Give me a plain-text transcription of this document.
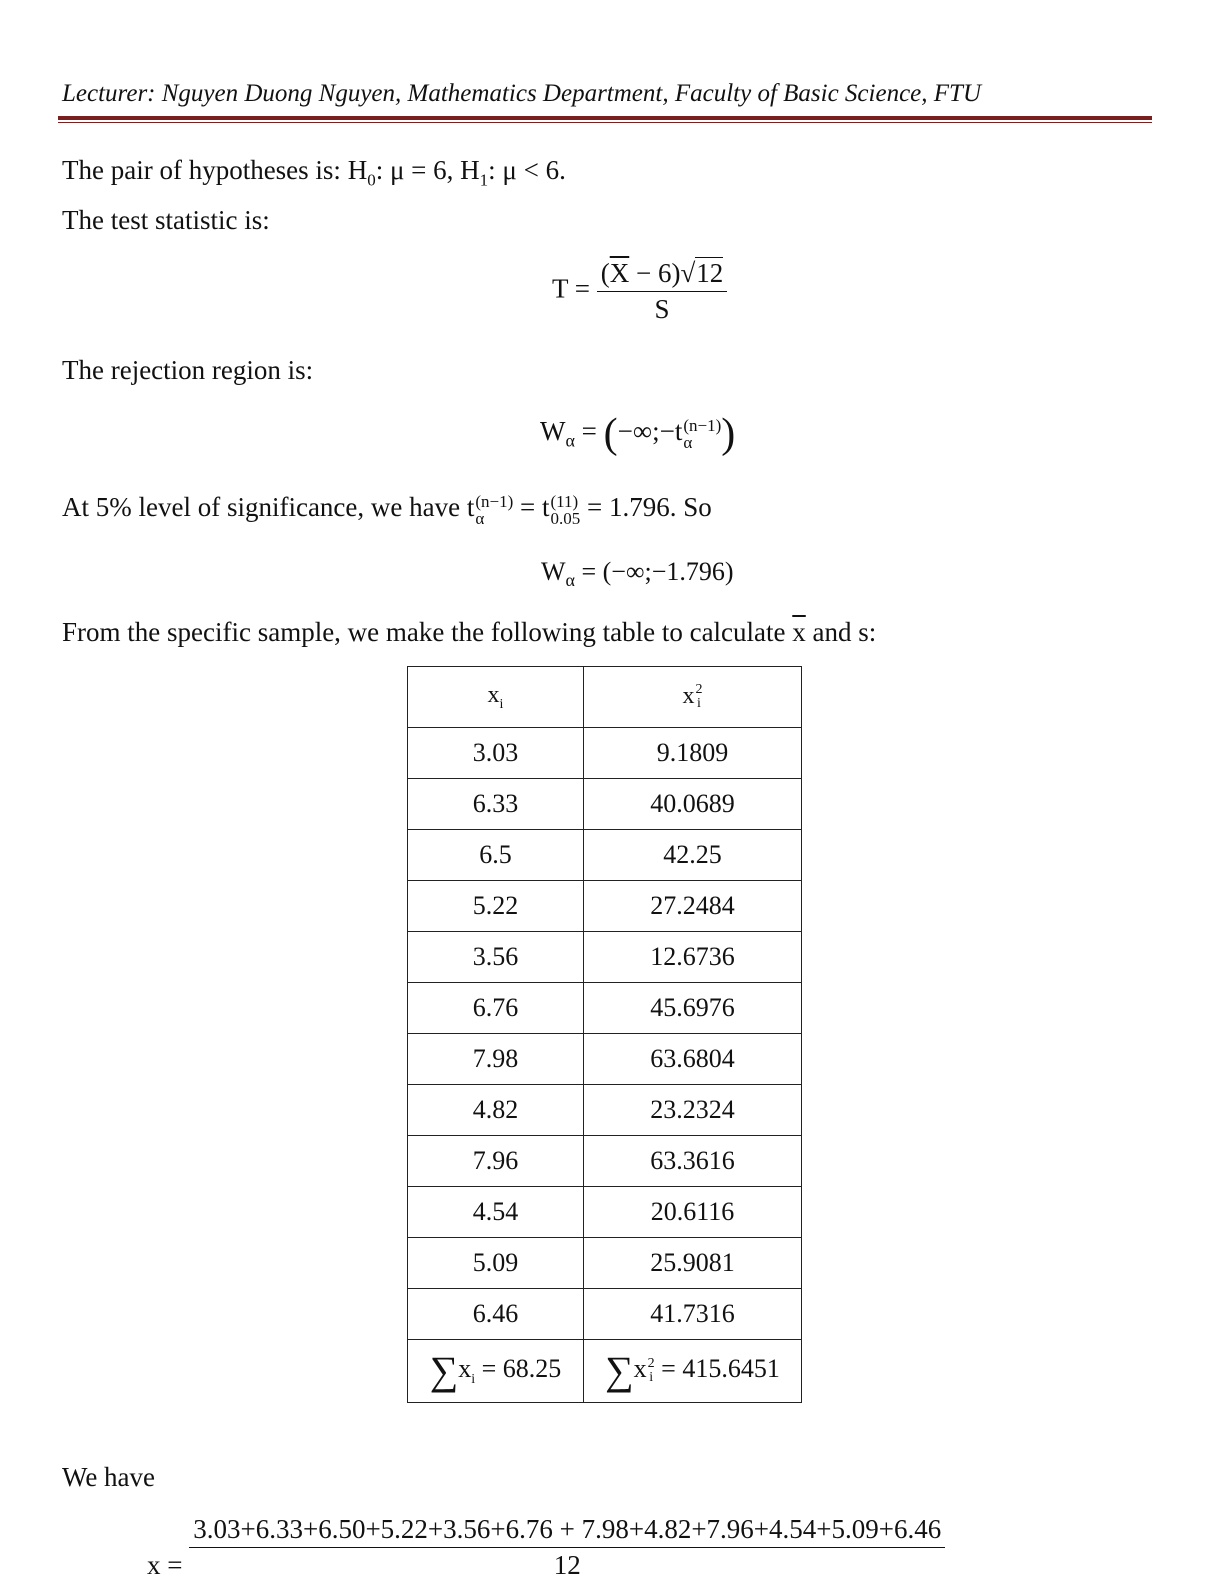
Lecturer: Nguyen Duong Nguyen, Mathematics Department, Faculty of Basic Science, FTU
The pair of hypotheses is: $H_0$: μ = 6, $H_1$: μ < 6.
The test statistic is:
$T = \frac{(\overline{X} - 6)√12}{S}$
The rejection region is:
$W_\alpha$ = (−∞;−t (n−1)
α )
At 5% level of significance, we have t (n−1)
α	= t (11)
0.05 = 1.796. So
$W_\alpha$ = (−∞;−1.796)
From the specific sample, we make the following table to calculate $\overline{x}$ and s:
$x_i$	x 2
i

3.03	9.1809
6.33	40.0689
6.5	42.25
5.22	27.2484
3.56	12.6736
6.76	45.6976
7.98	63.6804
4.82	23.2324
7.96	63.3616
4.54	20.6116
5.09	25.9081
6.46	41.7316
$\sum x_i = 68.25$	∑x 2
i = 415.6451
We have
x =
3.03+6.33+6.50+5.22+3.56+6.76 + 7.98+4.82+7.96+4.54+5.09+6.46
12
